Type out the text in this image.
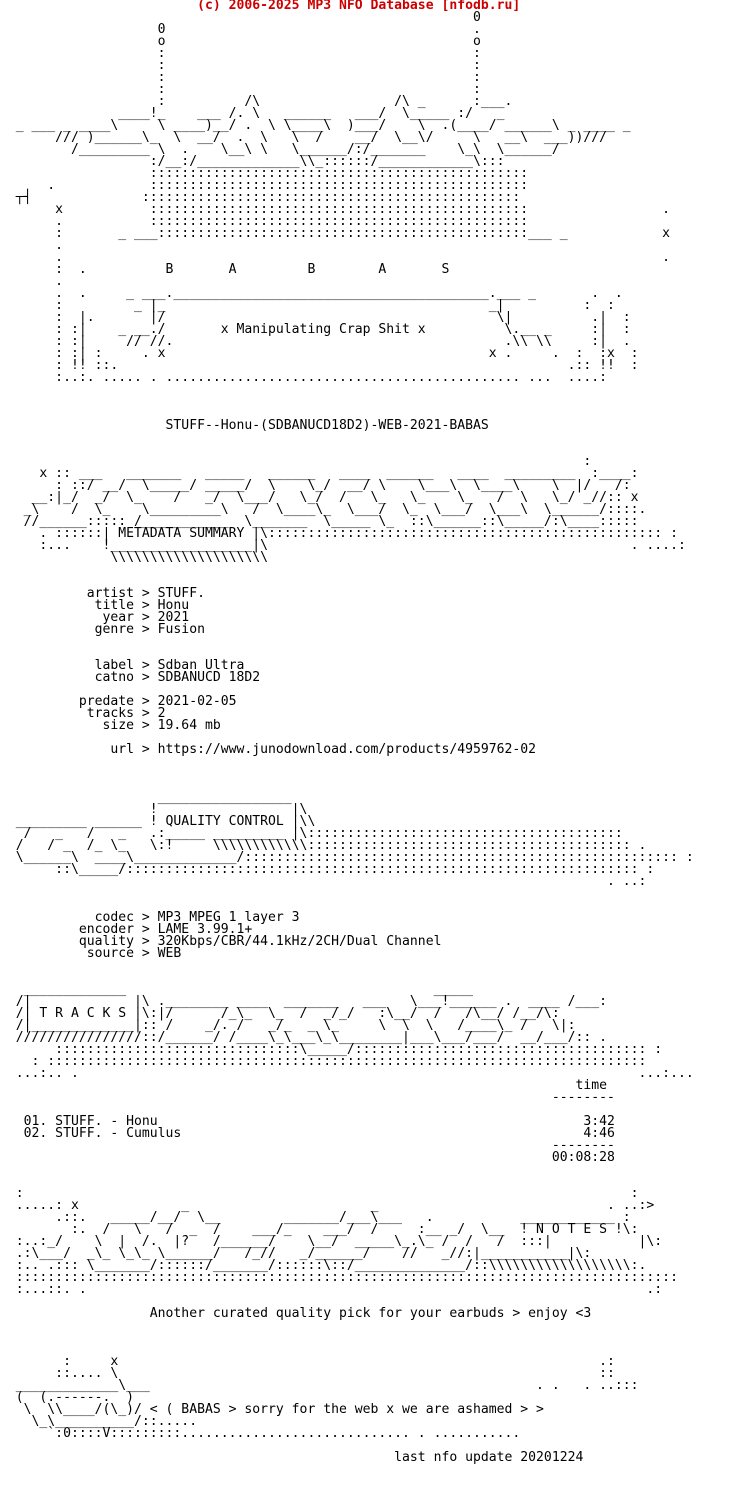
(c) 2006-2025 MP3 NFO Database [nfodb.ru]
0
0                                       .
o                                       o
:                                       :
:                                       :
:                                       :
:                                       :
:          /\                 /\ _      :___.
____!_    ___ /. \   ______   ___/  \_____ :/   _
_ ___ _ ____\     \ ____)__/ .  \ \____\  )___/    \  .(____/ ______\ _ ____ _
/// )______\_  \  __/  .  \   \  /    __/  \__\/     \   __\  ___))///
/_________ \  .    \__\ \   \______/:/_______    \_\  \______/
:/__:/_____________\\_::::::/____________\:::
::::::::::::::::::::::::::::::::::::::::::::::::
.            ::::::::::::::::::::::::::::::::::::::::::::::::
┬┤              ::::::::::::::::::::::::::::::::::::::::::::::::
x           ::::::::::::::::::::::::::::::::::::::::::::::::                 .
.           ::::::::::::::::::::::::::::::::::::::::::::::::
:       _ ___:::::::::::::::::::::::::::::::::::::::::::::::___ _            x
.
.                                                                            .
:  .          B       A         B        A       S
.
.  .     _ ___.________________________________________.___ _       .  .
:         _ |_                                         _|          :  :
:  |.       |/                                          \|          .|  :
: :|    _ __./       x Manipulating Crap Shit x          \.__ _     :|  :
: :|     // //.                                          .\\ \\     :|  .
: :| :     . x                                         x .     .  :  :x  :
: !! ::.                                                         .:: !!  :
:..:. ..... . ............................................. ...  ....:
STUFF--Honu-(SDBANUCD18D2)-WEB-2021-BABAS
:
x :: ___   _______   _____   ______   ____  ______   ____  _________  :____:
: ::/ __/  \_____/ _____/  \    \_/  __/ \    \___\  \____\    \  |/   /:
__:|_/  _/  \_    /   _/  \___/   \_/  /   \_   \_    \_   /  \   \_/ _//:: x
_\    /  \_    \_________\   /  \____\_  \___/  \_  \___/  \___\  \______/::::.
//______::::: /___________  \_______  \_____ \_  ::\______::\_____/:\____:::::
. ::::::| METADATA SUMMARY |\:::::::::::::::::::::::::::::::::::::::::::::::::: :
:...    !__________________|\                                              . ....:
\\\\\\\\\\\\\\\\\\\\
artist > STUFF.
title > Honu
year > 2021
genre > Fusion
label > Sdban Ultra
catno > SDBANUCD 18D2
predate > 2021-02-05
tracks > 2
size > 19.64 mb
url > https://www.junodownload.com/products/4959762-02
_________________
!                 |\
_________ ______ ! QUALITY CONTROL |\\
/   _   /   _   .:_____ _________ |\::::::::::::::::::::::::::::::::::::::::
/   / _  /_ \_   \:!     \\\\\\\\\\\\::::::::::::::::::::::::::::::::::::::::: .
\______\  ____\_____________/::::::::::::::::::::::::::::::::::::::::::::::::::::::: :
::\_____/::::::::::::::::::::::::::::::::::::::::::::::::::::::::::::::::: :
. ..:
codec > MP3 MPEG 1 layer 3
encoder > LAME 3.99.1+
quality > 320Kbps/CBR/44.1kHz/2CH/Dual Channel
source > WEB
_____________                                       _____
/|             |\ .________ ____  _______   ___   \___!______ .  ____ /___:
/| T R A C K S |\:|/      /_\_  \_  /  _/_/   :\__/  /   /\__/ /__/\:
/|_____________|:: /    _/. /   _/_  _ \_     \  \  \   /____\_ /   \|:
////////////////::/______/ /____\_\___\_\________|___\___/___/  __/___/:: .
:::::::::::::::::::::::::::::::\_____/::::::::::::::::::::::::::::::::::::: :
: ::::::::::::::::::::::::::::::::::::::::::::::::::::::::::::::::::::::::::::
...:.. .                                                                       ...:...
time
--------
01. STUFF. - Honu                                                      3:42
02. STUFF. - Cumulus                                                   4:46
--------
00:08:28
:                                                                             :
.....: x             _                       _                             . ..:>
.::.   _____/__/  \__        _______/___\___   .           ____________ :
:.  /   \   /  _  /    ___/_    ___/  /     :__ _/  \__  ! N O T E S !\:
:..:_/    \  |  /.  |?   /______/    \__/  _____\_.\_ /  /   /  :::|           |\:
.:\___/  _\_ \_\_ \______/   /_//   _/______/    //   _//:|___________|\:
:.. .::: \_______/::::::/_______/::::::\::/______________/::\\\\\\\\\\\\\\\\\\:.
::::::::::::::::::::::::::::::::::::::::::::::::::::::::::::::::::::::::::::::::::::
:...::. .                                                                       .:
Another curated quality pick for your earbuds > enjoy <3
:     x                                                             .:
::.... \                                                             ::
_____________\___                                                 . .   . ..:::
(  (.------.  )
\  \\____/(\_)/ < ( BABAS > sorry for the web x we are ashamed > >
\_\__________/::.....
`:0::::V:::::::::............................. . ...........
last nfo update 20201224
